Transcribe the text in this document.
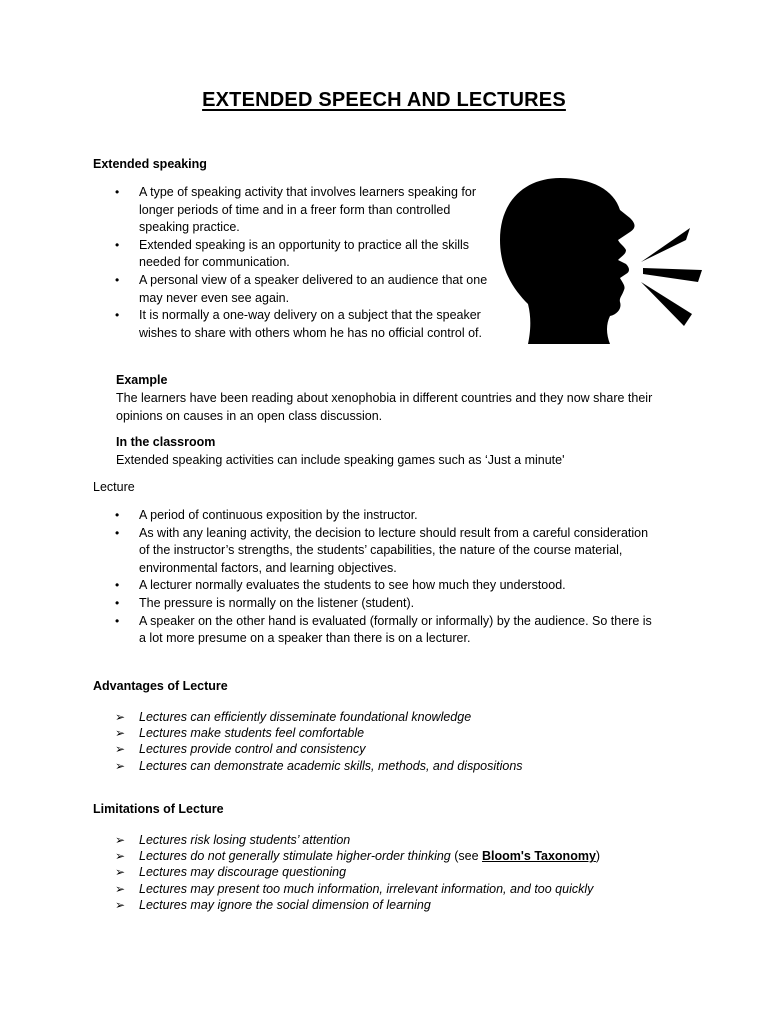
EXTENDED SPEECH AND LECTURES
Extended speaking
• A type of speaking activity that involves learners speaking for longer periods of time and in a freer form than controlled speaking practice.
• Extended speaking is an opportunity to practice all the skills needed for communication.
• A personal view of a speaker delivered to an audience that one may never even see again.
• It is normally a one-way delivery on a subject that the speaker wishes to share with others whom he has no official control of.
Example
The learners have been reading about xenophobia in different countries and they now share their opinions on causes in an open class discussion.
In the classroom
Extended speaking activities can include speaking games such as ‘Just a minute'
Lecture
• A period of continuous exposition by the instructor.
• As with any leaning activity, the decision to lecture should result from a careful consideration of the instructor’s strengths, the students’ capabilities, the nature of the course material, environmental factors, and learning objectives.
• A lecturer normally evaluates the students to see how much they understood.
• The pressure is normally on the listener (student).
• A speaker on the other hand is evaluated (formally or informally) by the audience. So there is a lot more presume on a speaker than there is on a lecturer.
Advantages of Lecture
➢ Lectures can efficiently disseminate foundational knowledge
➢ Lectures make students feel comfortable
➢ Lectures provide control and consistency
➢ Lectures can demonstrate academic skills, methods, and dispositions
Limitations of Lecture
➢ Lectures risk losing students’ attention
➢ Lectures do not generally stimulate higher-order thinking (see Bloom's Taxonomy)
➢ Lectures may discourage questioning
➢ Lectures may present too much information, irrelevant information, and too quickly
➢ Lectures may ignore the social dimension of learning
